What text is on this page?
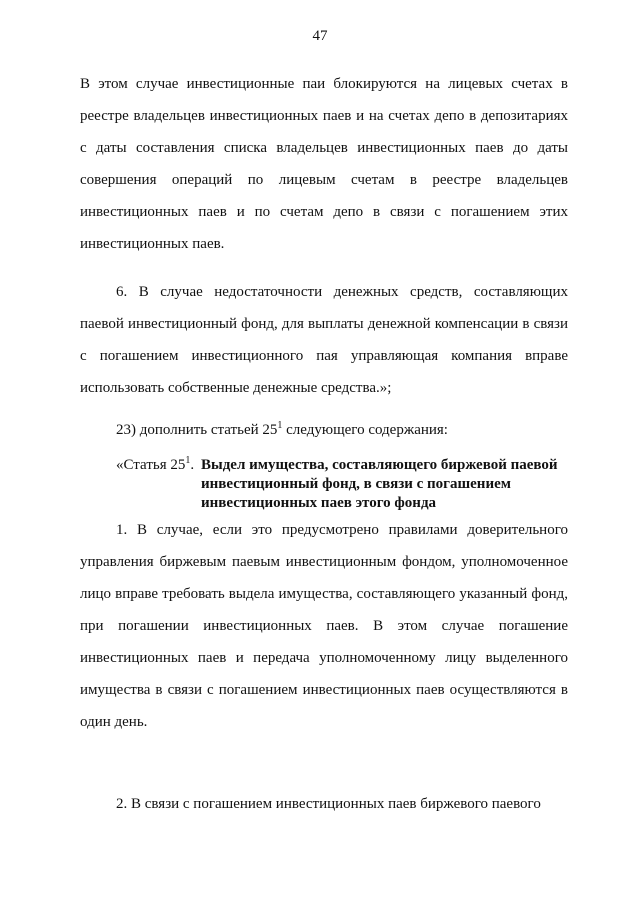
47

В этом случае инвестиционные паи блокируются на лицевых счетах в реестре владельцев инвестиционных паев и на счетах депо в депозитариях с даты составления списка владельцев инвестиционных паев до даты совершения операций по лицевым счетам в реестре владельцев инвестиционных паев и по счетам депо в связи с погашением этих инвестиционных паев.

6. В случае недостаточности денежных средств, составляющих паевой инвестиционный фонд, для выплаты денежной компенсации в связи с погашением инвестиционного пая управляющая компания вправе использовать собственные денежные средства.»;

23) дополнить статьей $25^1$ следующего содержания:

«Статья $25^1$. Выдел имущества, составляющего биржевой паевой инвестиционный фонд, в связи с погашением инвестиционных паев этого фонда

1. В случае, если это предусмотрено правилами доверительного управления биржевым паевым инвестиционным фондом, уполномоченное лицо вправе требовать выдела имущества, составляющего указанный фонд, при погашении инвестиционных паев. В этом случае погашение инвестиционных паев и передача уполномоченному лицу выделенного имущества в связи с погашением инвестиционных паев осуществляются в один день.

2. В связи с погашением инвестиционных паев биржевого паевого
